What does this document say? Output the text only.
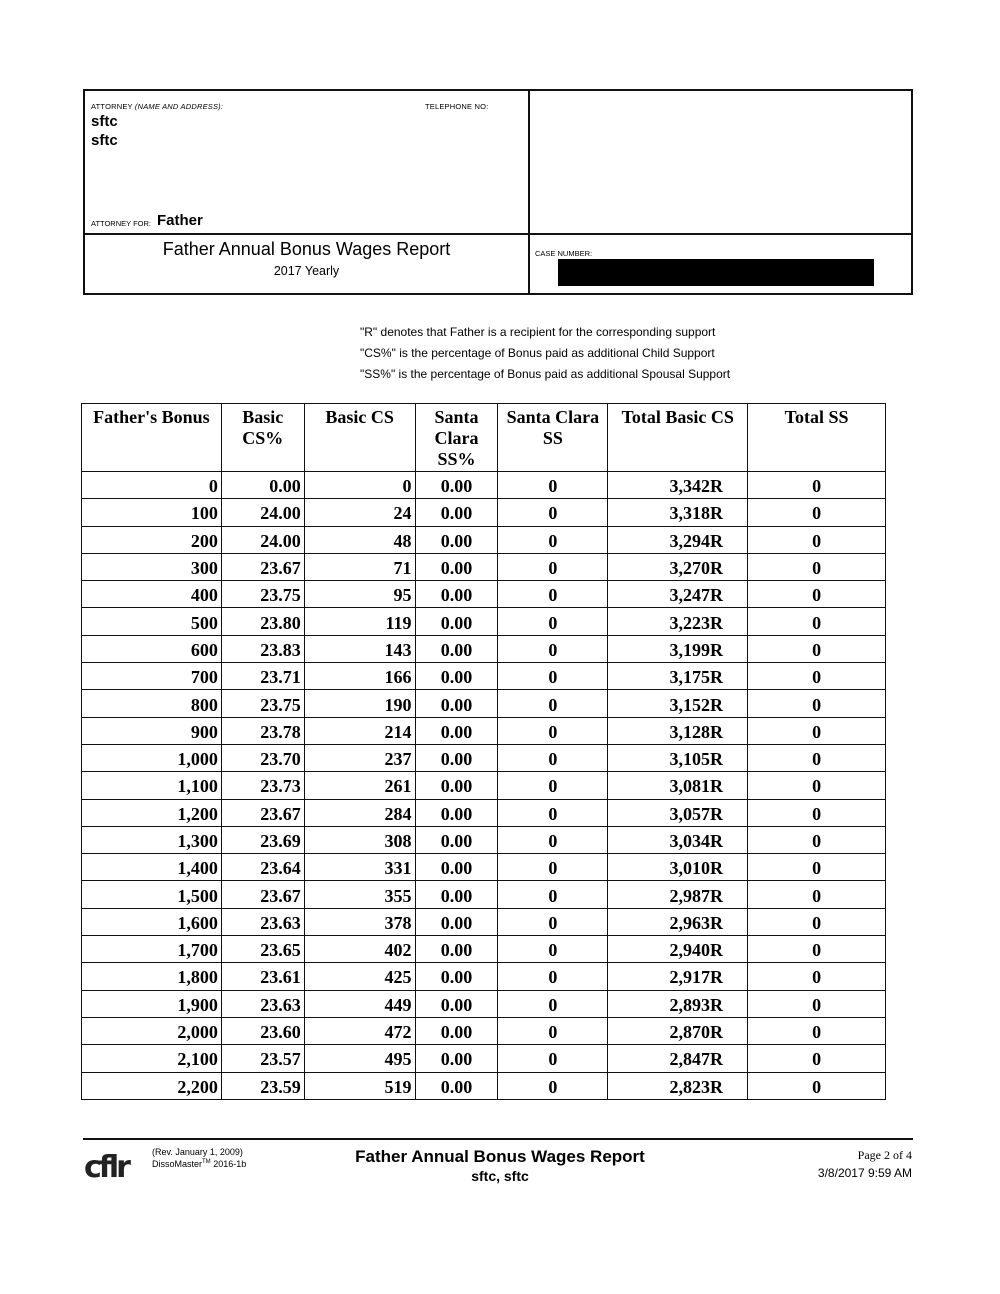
ATTORNEY (NAME AND ADDRESS):	TELEPHONE NO:
sftc
sftc
ATTORNEY FOR: Father
Father Annual Bonus Wages Report
2017 Yearly
CASE NUMBER:
"R" denotes that Father is a recipient for the corresponding support
"CS%" is the percentage of Bonus paid as additional Child Support
"SS%" is the percentage of Bonus paid as additional Spousal Support
Father's Bonus	Basic CS%	Basic CS	Santa Clara SS%	Santa Clara SS	Total Basic CS	Total SS
0	0.00	0	0.00	0	3,342R	0
100	24.00	24	0.00	0	3,318R	0
200	24.00	48	0.00	0	3,294R	0
300	23.67	71	0.00	0	3,270R	0
400	23.75	95	0.00	0	3,247R	0
500	23.80	119	0.00	0	3,223R	0
600	23.83	143	0.00	0	3,199R	0
700	23.71	166	0.00	0	3,175R	0
800	23.75	190	0.00	0	3,152R	0
900	23.78	214	0.00	0	3,128R	0
1,000	23.70	237	0.00	0	3,105R	0
1,100	23.73	261	0.00	0	3,081R	0
1,200	23.67	284	0.00	0	3,057R	0
1,300	23.69	308	0.00	0	3,034R	0
1,400	23.64	331	0.00	0	3,010R	0
1,500	23.67	355	0.00	0	2,987R	0
1,600	23.63	378	0.00	0	2,963R	0
1,700	23.65	402	0.00	0	2,940R	0
1,800	23.61	425	0.00	0	2,917R	0
1,900	23.63	449	0.00	0	2,893R	0
2,000	23.60	472	0.00	0	2,870R	0
2,100	23.57	495	0.00	0	2,847R	0
2,200	23.59	519	0.00	0	2,823R	0
cflr	(Rev. January 1, 2009)
DissoMaster™ 2016-1b	Father Annual Bonus Wages Report
sftc, sftc
Page 2 of 4
3/8/2017 9:59 AM
